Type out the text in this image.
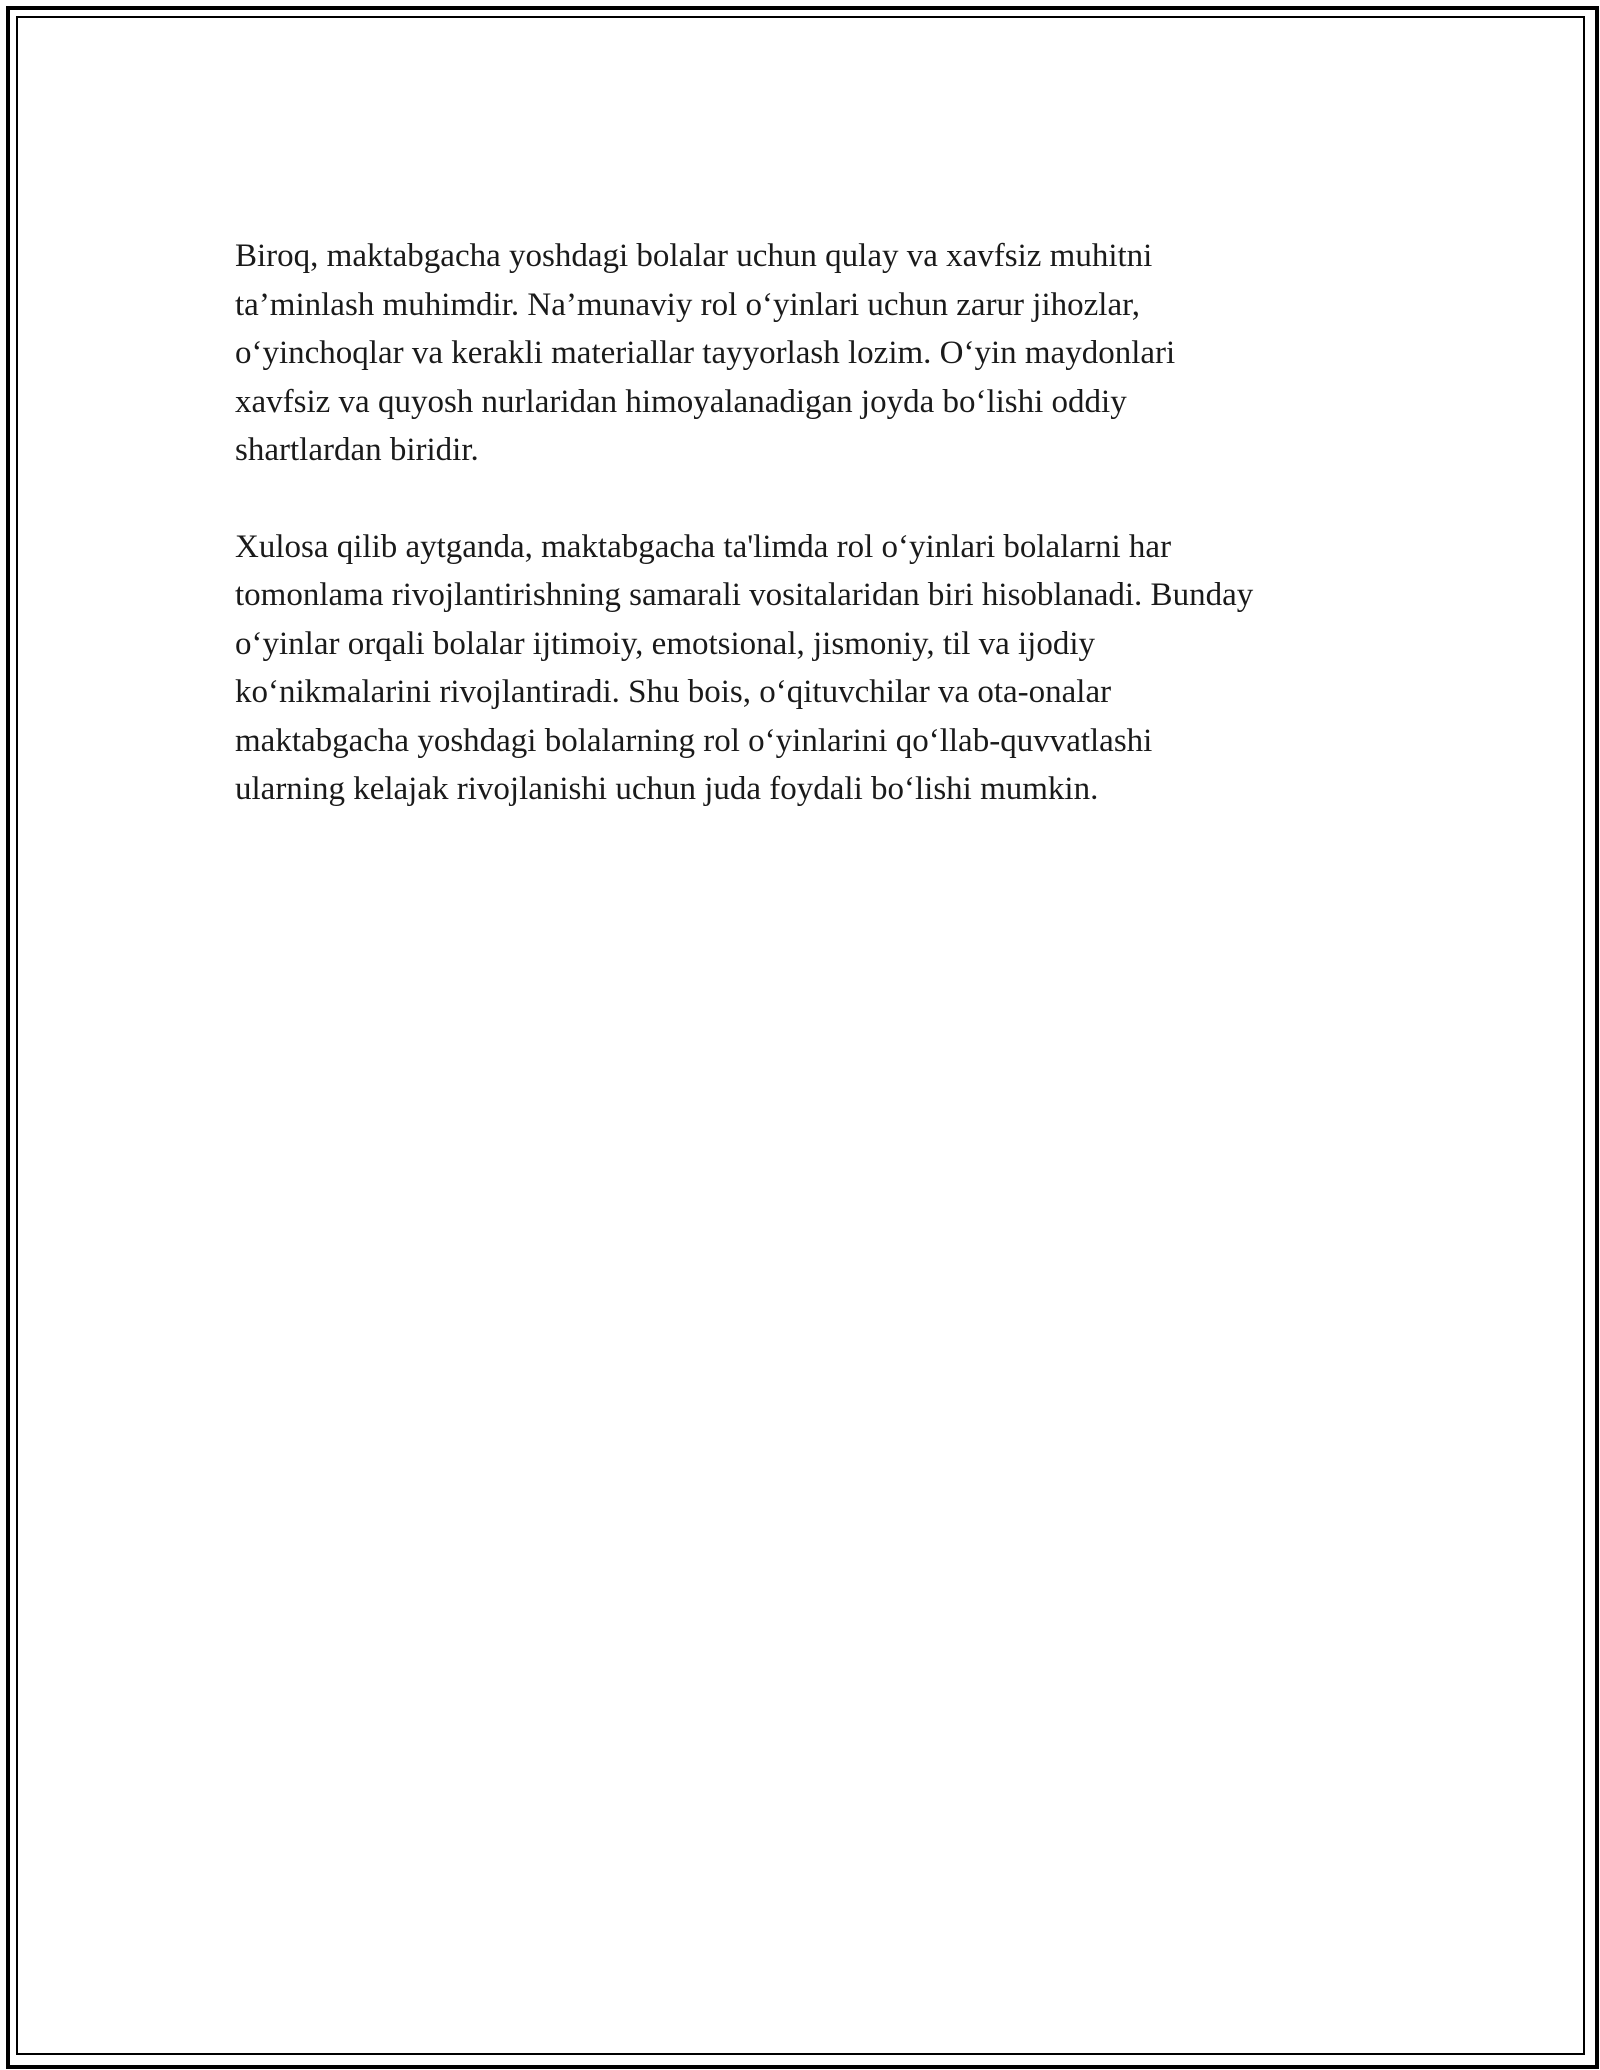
Biroq, maktabgacha yoshdagi bolalar uchun qulay va xavfsiz muhitni
ta’minlash muhimdir. Na’munaviy rol o‘yinlari uchun zarur jihozlar,
o‘yinchoqlar va kerakli materiallar tayyorlash lozim. O‘yin maydonlari
xavfsiz va quyosh nurlaridan himoyalanadigan joyda bo‘lishi oddiy
shartlardan biridir.

Xulosa qilib aytganda, maktabgacha ta'limda rol o‘yinlari bolalarni har
tomonlama rivojlantirishning samarali vositalaridan biri hisoblanadi. Bunday
o‘yinlar orqali bolalar ijtimoiy, emotsional, jismoniy, til va ijodiy
ko‘nikmalarini rivojlantiradi. Shu bois, o‘qituvchilar va ota-onalar
maktabgacha yoshdagi bolalarning rol o‘yinlarini qo‘llab-quvvatlashi
ularning kelajak rivojlanishi uchun juda foydali bo‘lishi mumkin.
